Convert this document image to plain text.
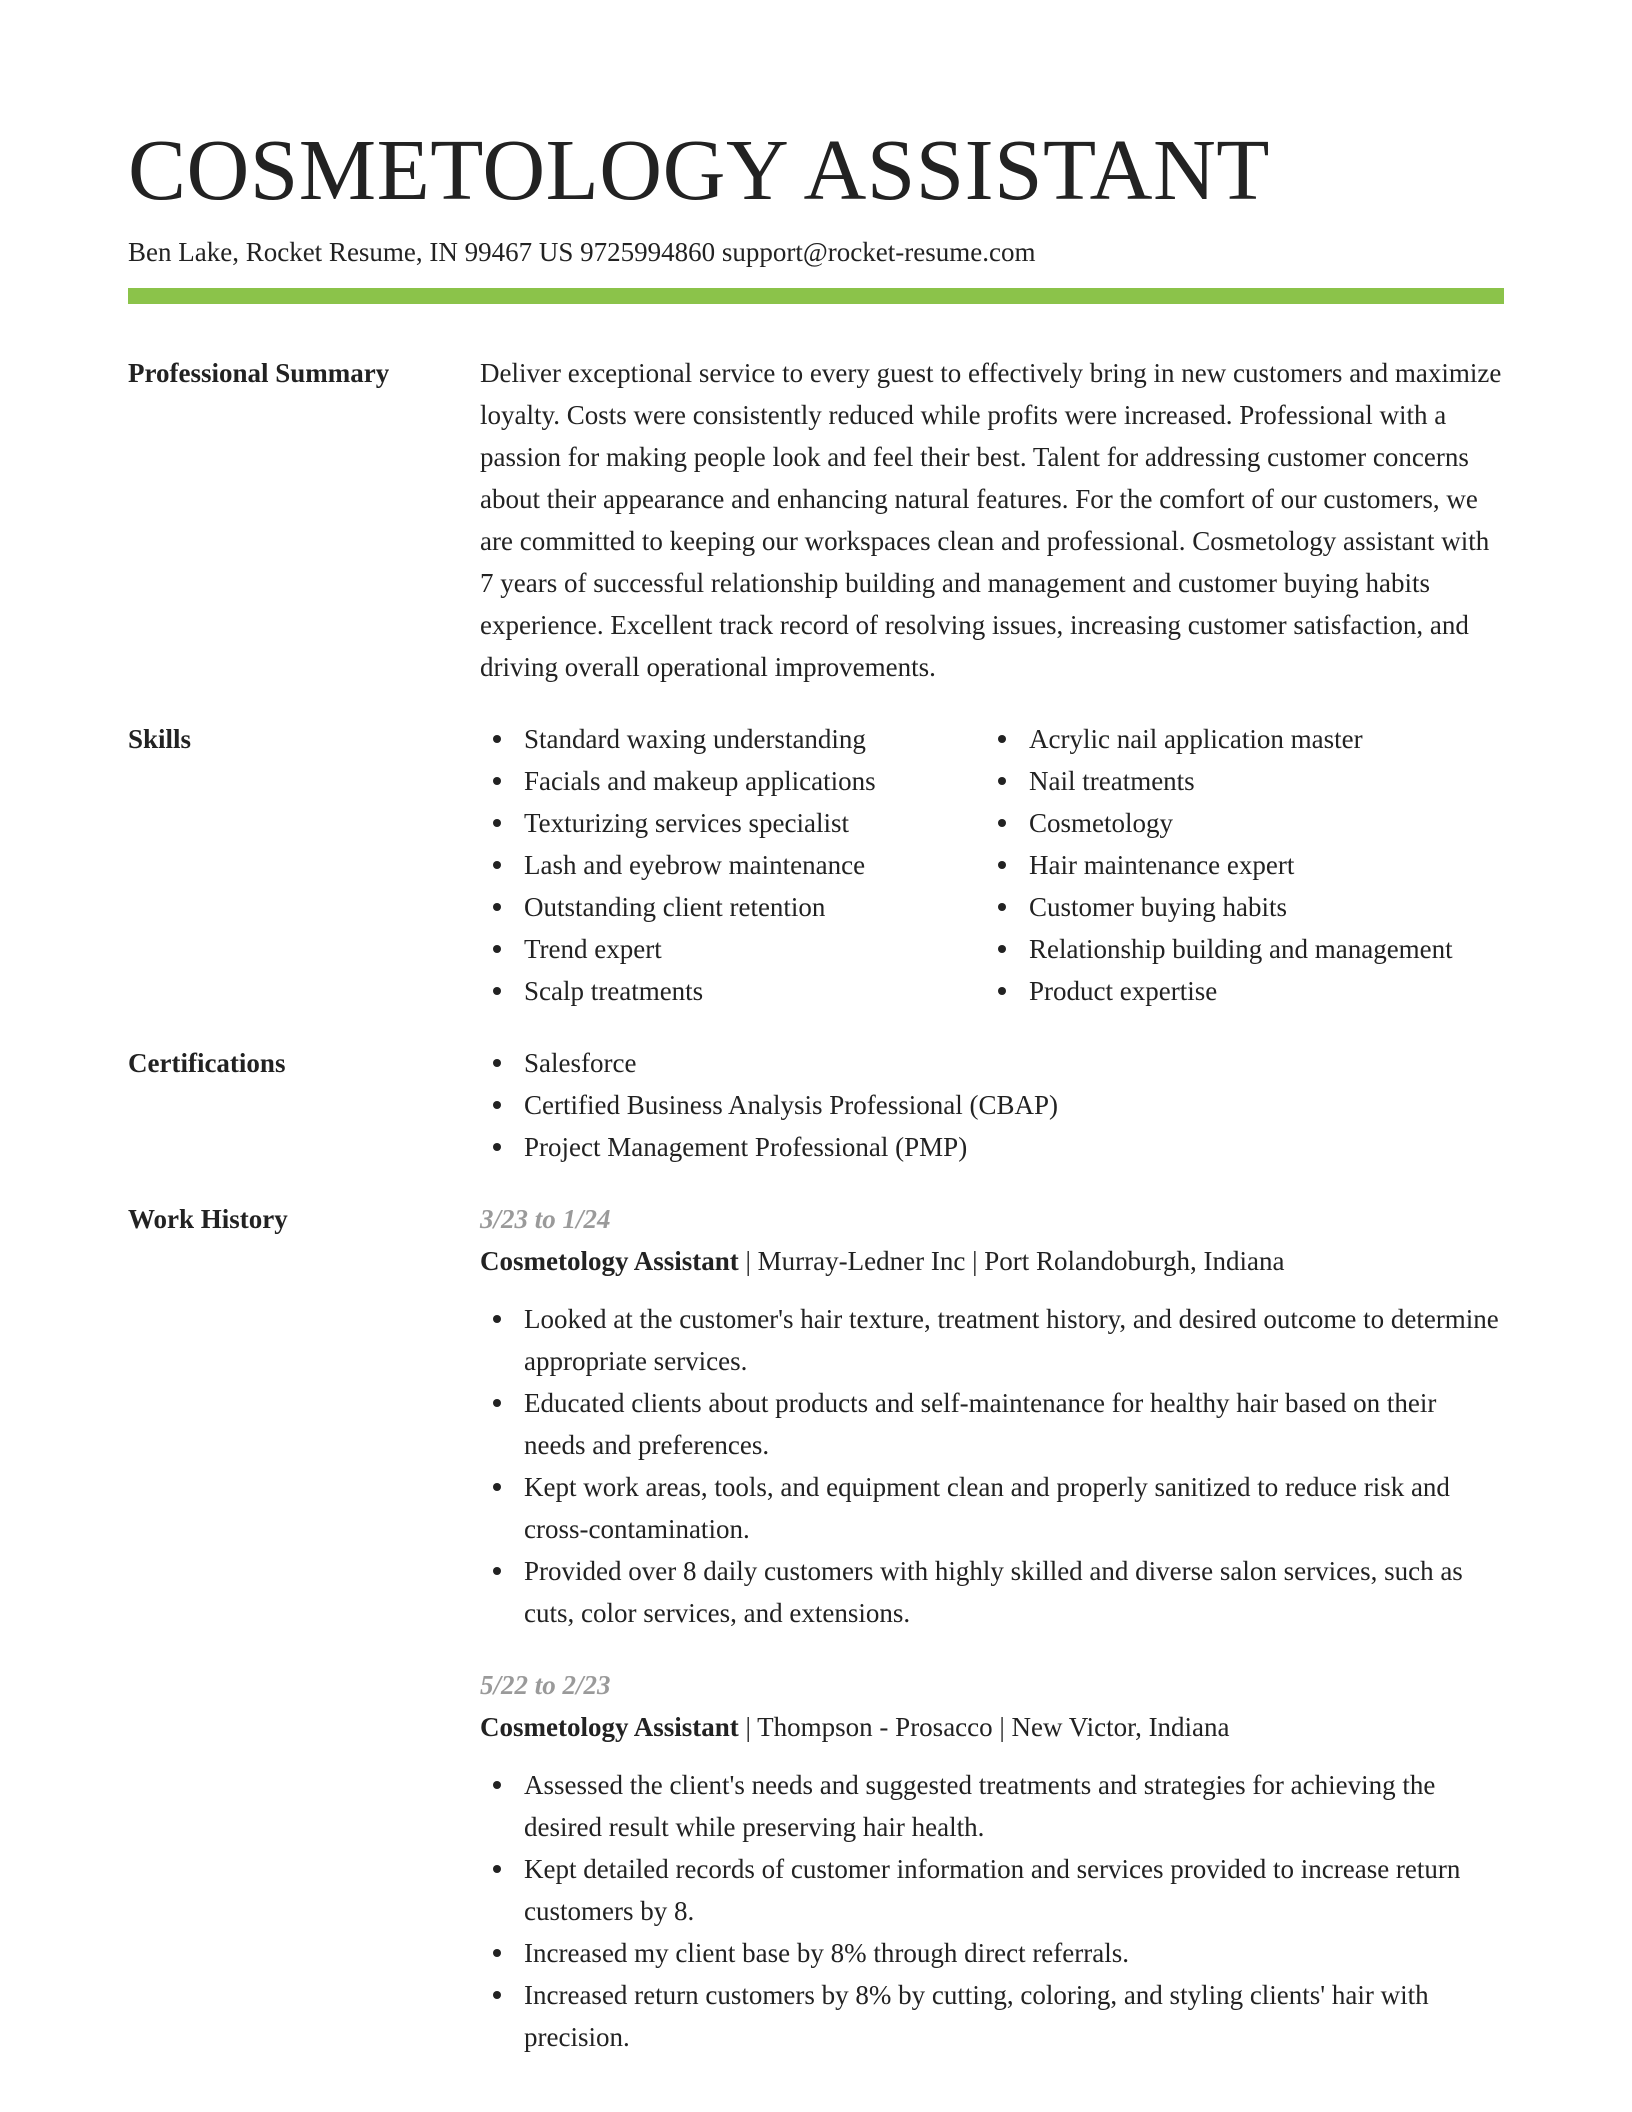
COSMETOLOGY ASSISTANT
Ben Lake, Rocket Resume, IN 99467 US 9725994860 support@rocket-resume.com
Professional Summary	Deliver exceptional service to every guest to effectively bring in new customers and maximize loyalty. Costs were consistently reduced while profits were increased. Professional with a passion for making people look and feel their best. Talent for addressing customer concerns about their appearance and enhancing natural features. For the comfort of our customers, we are committed to keeping our workspaces clean and professional. Cosmetology assistant with 7 years of successful relationship building and management and customer buying habits experience. Excellent track record of resolving issues, increasing customer satisfaction, and driving overall operational improvements.
Skills	Standard waxing understanding
Facials and makeup applications
Texturizing services specialist
Lash and eyebrow maintenance
Outstanding client retention
Trend expert
Scalp treatments
Acrylic nail application master
Nail treatments
Cosmetology
Hair maintenance expert
Customer buying habits
Relationship building and management
Product expertise
Certifications	Salesforce
Certified Business Analysis Professional (CBAP)
Project Management Professional (PMP)
Work History	3/23 to 1/24
Cosmetology Assistant | Murray-Ledner Inc | Port Rolandoburgh, Indiana
Looked at the customer's hair texture, treatment history, and desired outcome to determine appropriate services.
Educated clients about products and self-maintenance for healthy hair based on their needs and preferences.
Kept work areas, tools, and equipment clean and properly sanitized to reduce risk and cross-contamination.
Provided over 8 daily customers with highly skilled and diverse salon services, such as cuts, color services, and extensions.
5/22 to 2/23
Cosmetology Assistant | Thompson - Prosacco | New Victor, Indiana
Assessed the client's needs and suggested treatments and strategies for achieving the desired result while preserving hair health.
Kept detailed records of customer information and services provided to increase return customers by 8.
Increased my client base by 8% through direct referrals.
Increased return customers by 8% by cutting, coloring, and styling clients' hair with precision.
